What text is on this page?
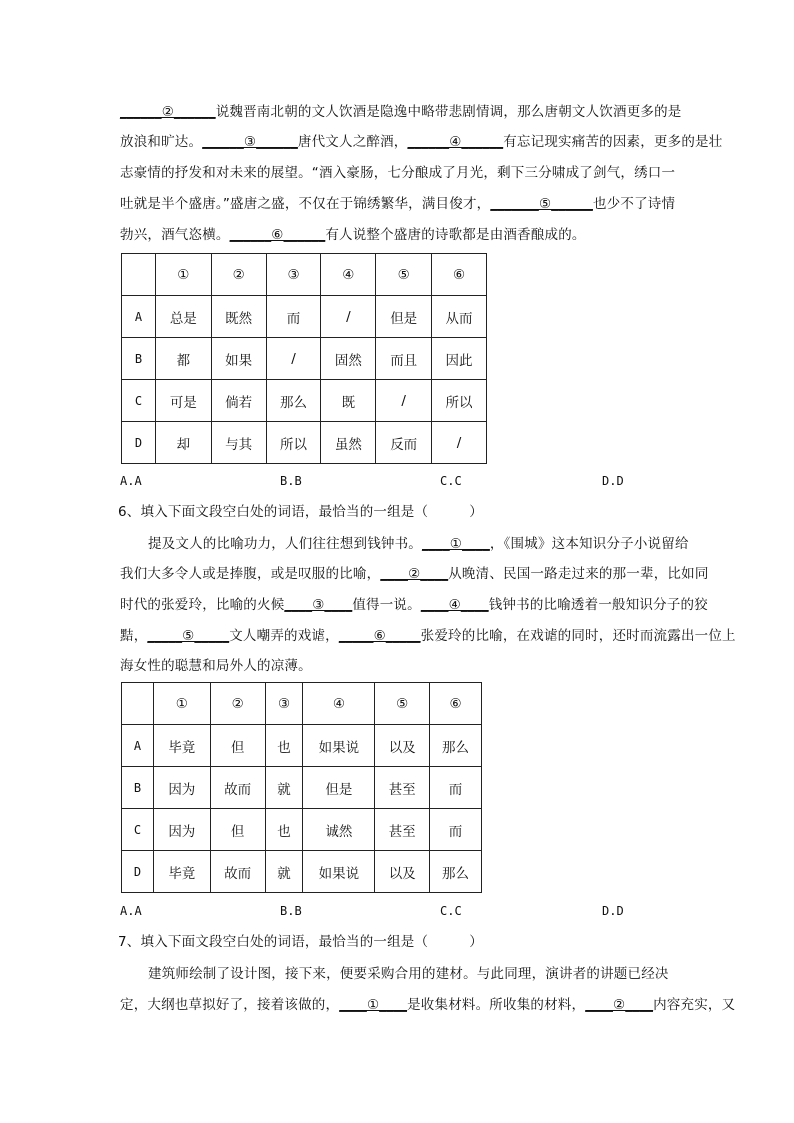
______②______说魏晋南北朝的文人饮酒是隐逸中略带悲剧情调，那么唐朝文人饮酒更多的是

放浪和旷达。______③______唐代文人之醉酒，______④______有忘记现实痛苦的因素，更多的是壮

志豪情的抒发和对未来的展望。“酒入豪肠，七分酿成了月光，剩下三分啸成了剑气，绣口一

吐就是半个盛唐。”盛唐之盛，不仅在于锦绣繁华，满目俊才，_______⑤______也少不了诗情

勃兴，酒气恣横。______⑥______有人说整个盛唐的诗歌都是由酒香酿成的。

	①	②	③	④	⑤	⑥
A	总是	既然	而	/	但是	从而
B	都	如果	/	固然	而且	因此
C	可是	倘若	那么	既	/	所以
D	却	与其	所以	虽然	反而	/

A.A	B.B	C.C	D.D

6、填入下面文段空白处的词语，最恰当的一组是（　　　）

提及文人的比喻功力，人们往往想到钱钟书。____①____，《围城》这本知识分子小说留给

我们大多令人或是捧腹，或是叹服的比喻，____②____从晚清、民国一路走过来的那一辈，比如同

时代的张爱玲，比喻的火候____③____值得一说。____④____钱钟书的比喻透着一般知识分子的狡

黠，_____⑤_____文人嘲弄的戏谑，_____⑥_____张爱玲的比喻，在戏谑的同时，还时而流露出一位上

海女性的聪慧和局外人的凉薄。

	①	②	③	④	⑤	⑥
A	毕竟	但	也	如果说	以及	那么
B	因为	故而	就	但是	甚至	而
C	因为	但	也	诚然	甚至	而
D	毕竟	故而	就	如果说	以及	那么

A.A	B.B	C.C	D.D

7、填入下面文段空白处的词语，最恰当的一组是（　　　）

建筑师绘制了设计图，接下来，便要采购合用的建材。与此同理，演讲者的讲题已经决

定，大纲也草拟好了，接着该做的，____①____是收集材料。所收集的材料，____②____内容充实，又
